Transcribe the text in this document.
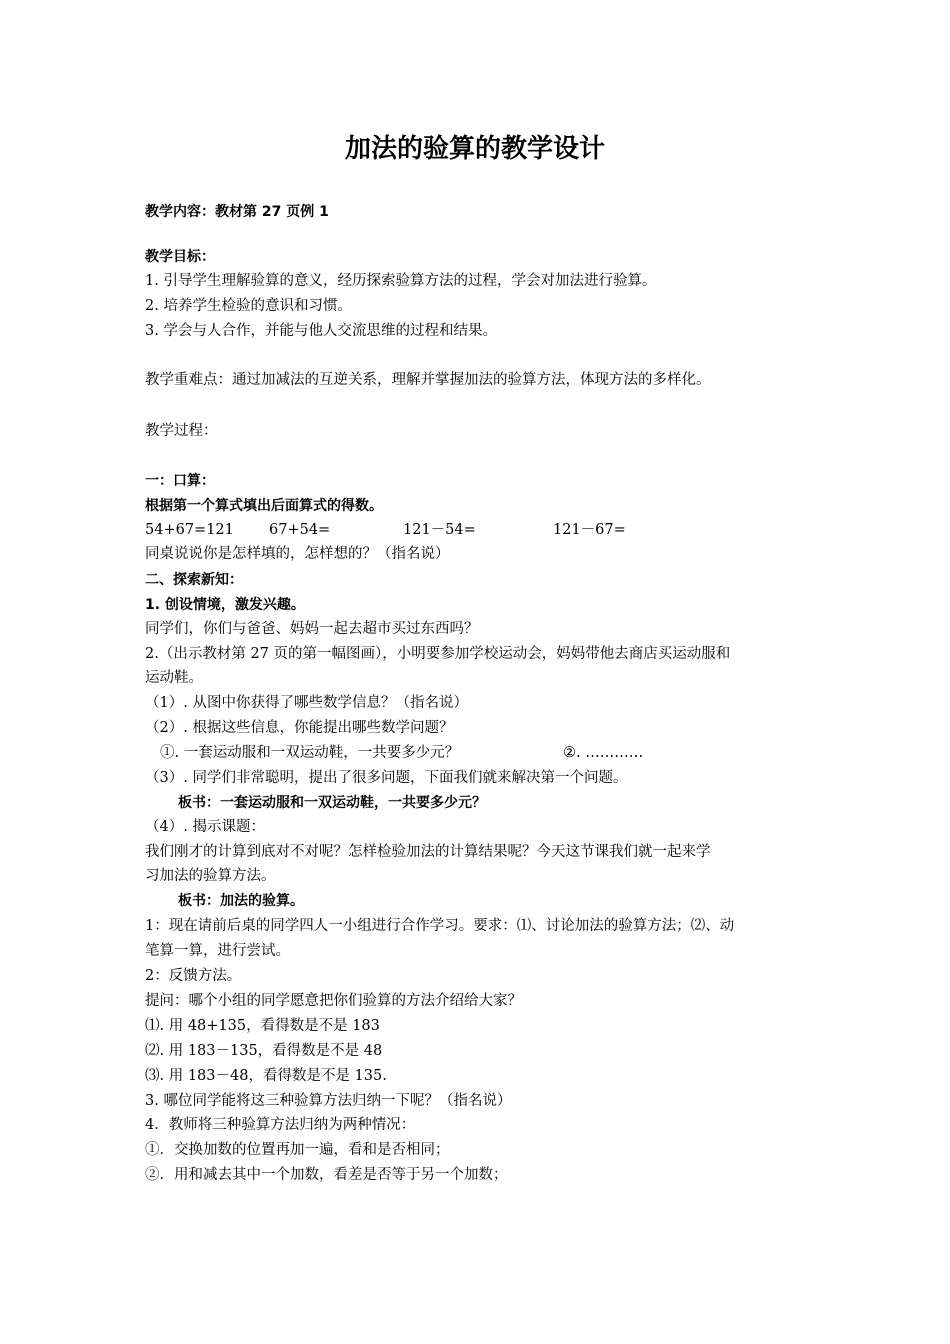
加法的验算的教学设计
教学内容：教材第 27 页例 1
教学目标：
1. 引导学生理解验算的意义，经历探索验算方法的过程，学会对加法进行验算。
2. 培养学生检验的意识和习惯。
3. 学会与人合作，并能与他人交流思维的过程和结果。
教学重难点：通过加减法的互逆关系，理解并掌握加法的验算方法，体现方法的多样化。
教学过程：
一：口算：
根据第一个算式填出后面算式的得数。
54+67=121 67+54=	121－54=	121－67=
同桌说说你是怎样填的，怎样想的？（指名说）
二、探索新知：
1. 创设情境，激发兴趣。
同学们，你们与爸爸、妈妈一起去超市买过东西吗？
2.（出示教材第 27 页的第一幅图画），小明要参加学校运动会，妈妈带他去商店买运动服和
运动鞋。
（1）. 从图中你获得了哪些数学信息？（指名说）
（2）. 根据这些信息，你能提出哪些数学问题？
①. 一套运动服和一双运动鞋，一共要多少元？	②. …………
（3）. 同学们非常聪明，提出了很多问题，下面我们就来解决第一个问题。
板书：一套运动服和一双运动鞋，一共要多少元？
（4）. 揭示课题：
我们刚才的计算到底对不对呢？怎样检验加法的计算结果呢？今天这节课我们就一起来学
习加法的验算方法。
板书：加法的验算。
1：现在请前后桌的同学四人一小组进行合作学习。要求：⑴、讨论加法的验算方法；⑵、动
笔算一算，进行尝试。
2：反馈方法。
提问：哪个小组的同学愿意把你们验算的方法介绍给大家？
⑴. 用 48+135，看得数是不是 183
⑵. 用 183－135，看得数是不是 48
⑶. 用 183－48，看得数是不是 135.
3. 哪位同学能将这三种验算方法归纳一下呢？（指名说）
4．教师将三种验算方法归纳为两种情况：
①．交换加数的位置再加一遍，看和是否相同；
②．用和减去其中一个加数，看差是否等于另一个加数；
